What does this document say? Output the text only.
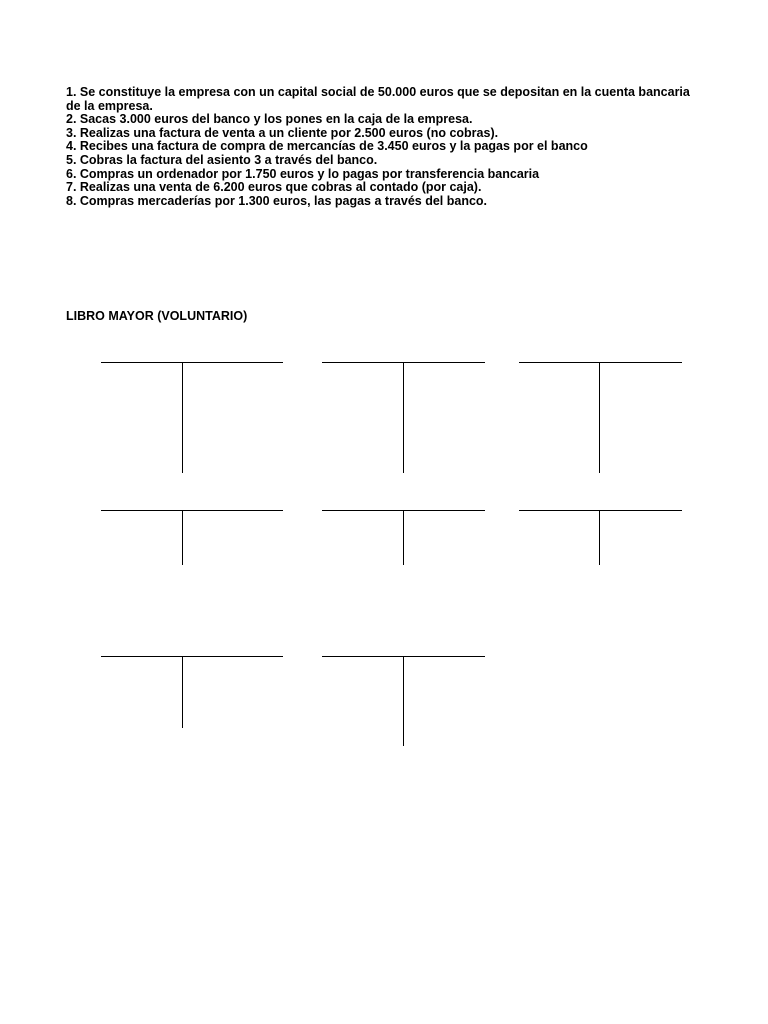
1. Se constituye la empresa con un capital social de 50.000 euros que se depositan en la cuenta bancaria de la empresa.
2. Sacas 3.000 euros del banco y los pones en la caja de la empresa.
3. Realizas una factura de venta a un cliente por 2.500 euros (no cobras).
4. Recibes una factura de compra de mercancías de 3.450 euros y la pagas por el banco
5. Cobras la factura del asiento 3 a través del banco.
6. Compras un ordenador por 1.750 euros y lo pagas por transferencia bancaria
7. Realizas una venta de 6.200 euros que cobras al contado (por caja).
8. Compras mercaderías por 1.300 euros, las pagas a través del banco.

LIBRO MAYOR (VOLUNTARIO)
